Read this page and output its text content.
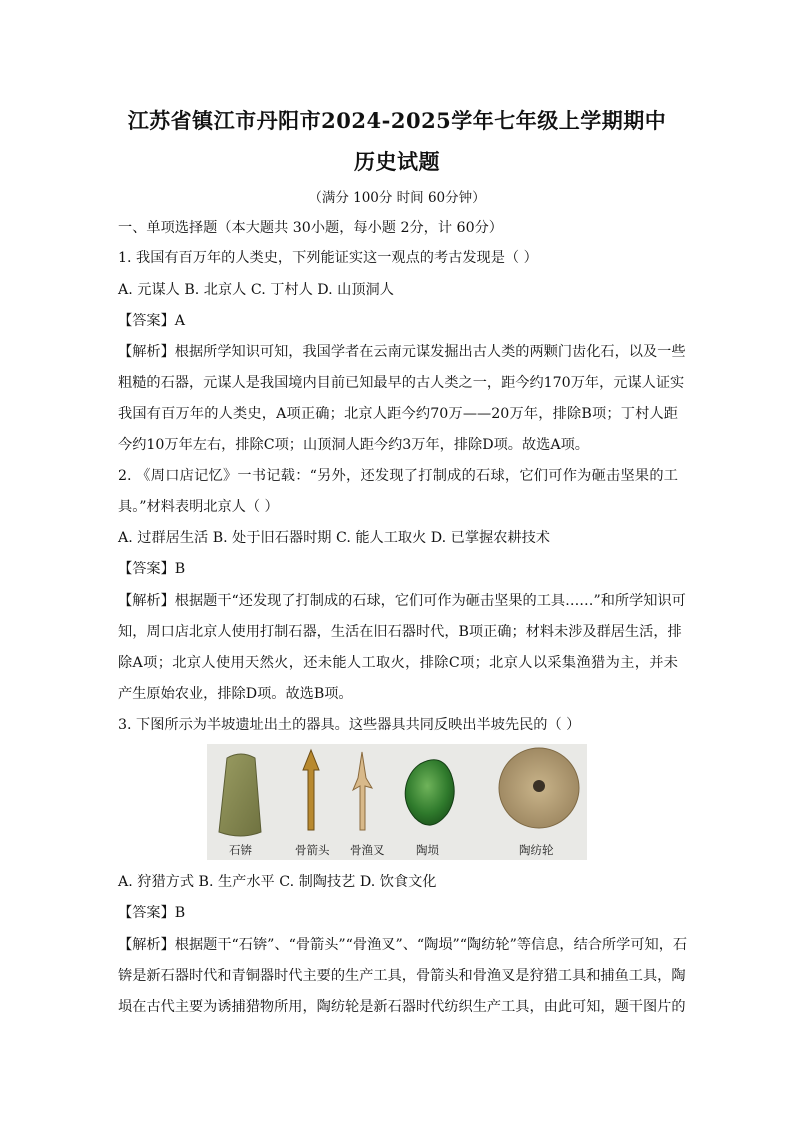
江苏省镇江市丹阳市2024-2025学年七年级上学期期中
历史试题
（满分 100分 时间 60分钟）
一、单项选择题（本大题共 30小题，每小题 2分，计 60分）
1. 我国有百万年的人类史，下列能证实这一观点的考古发现是（ ）
A. 元谋人 B. 北京人 C. 丁村人 D. 山顶洞人
【答案】A
【解析】根据所学知识可知，我国学者在云南元谋发掘出古人类的两颗门齿化石，以及一些
粗糙的石器，元谋人是我国境内目前已知最早的古人类之一，距今约170万年，元谋人证实
我国有百万年的人类史，A项正确；北京人距今约70万——20万年，排除B项；丁村人距
今约10万年左右，排除C项；山顶洞人距今约3万年，排除D项。故选A项。
2. 《周口店记忆》一书记载：“另外，还发现了打制成的石球，它们可作为砸击坚果的工
具。”材料表明北京人（ ）
A. 过群居生活 B. 处于旧石器时期 C. 能人工取火 D. 已掌握农耕技术
【答案】B
【解析】根据题干“还发现了打制成的石球，它们可作为砸击坚果的工具……”和所学知识可
知，周口店北京人使用打制石器，生活在旧石器时代，B项正确；材料未涉及群居生活，排
除A项；北京人使用天然火，还未能人工取火，排除C项；北京人以采集渔猎为主，并未
产生原始农业，排除D项。故选B项。
3. 下图所示为半坡遗址出土的器具。这些器具共同反映出半坡先民的（ ）
石锛	骨箭头 骨渔叉	陶埙	陶纺轮
A. 狩猎方式 B. 生产水平 C. 制陶技艺 D. 饮食文化
【答案】B
【解析】根据题干“石锛”、“骨箭头”“骨渔叉”、“陶埙”“陶纺轮”等信息，结合所学可知，石
锛是新石器时代和青铜器时代主要的生产工具，骨箭头和骨渔叉是狩猎工具和捕鱼工具，陶
埙在古代主要为诱捕猎物所用，陶纺轮是新石器时代纺织生产工具，由此可知，题干图片的
